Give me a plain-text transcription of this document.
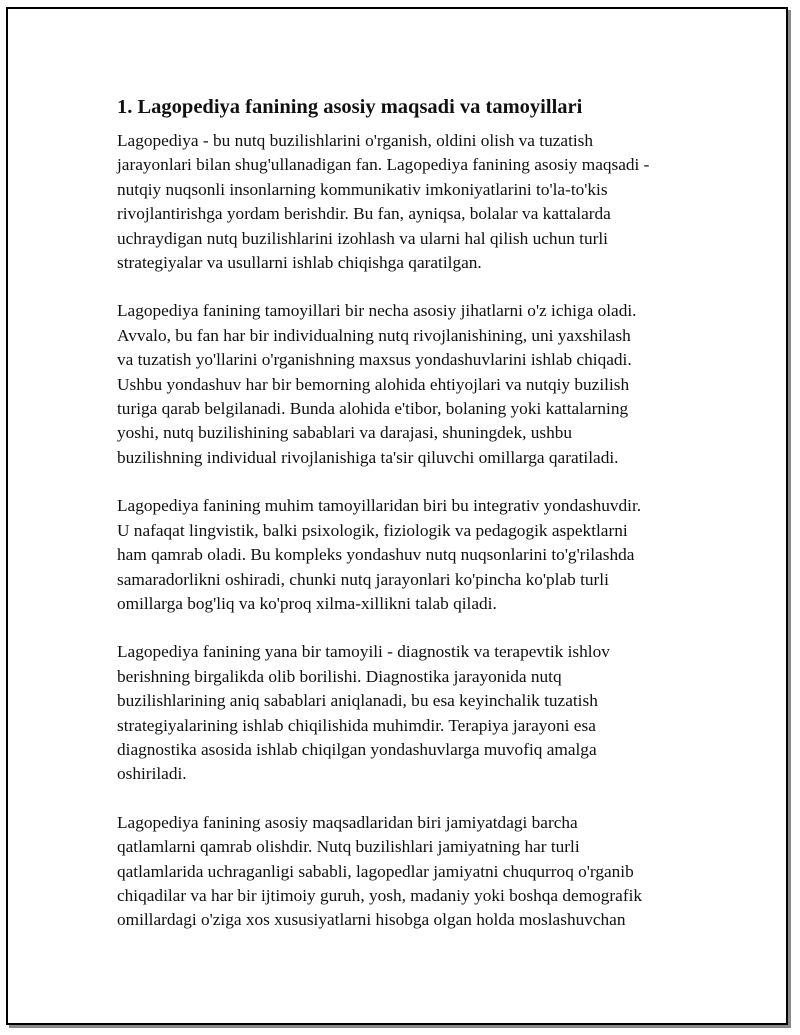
1. Lagopediya fanining asosiy maqsadi va tamoyillari

Lagopediya - bu nutq buzilishlarini o'rganish, oldini olish va tuzatish
jarayonlari bilan shug'ullanadigan fan. Lagopediya fanining asosiy maqsadi -
nutqiy nuqsonli insonlarning kommunikativ imkoniyatlarini to'la-to'kis
rivojlantirishga yordam berishdir. Bu fan, ayniqsa, bolalar va kattalarda
uchraydigan nutq buzilishlarini izohlash va ularni hal qilish uchun turli
strategiyalar va usullarni ishlab chiqishga qaratilgan.

Lagopediya fanining tamoyillari bir necha asosiy jihatlarni o'z ichiga oladi.
Avvalo, bu fan har bir individualning nutq rivojlanishining, uni yaxshilash
va tuzatish yo'llarini o'rganishning maxsus yondashuvlarini ishlab chiqadi.
Ushbu yondashuv har bir bemorning alohida ehtiyojlari va nutqiy buzilish
turiga qarab belgilanadi. Bunda alohida e'tibor, bolaning yoki kattalarning
yoshi, nutq buzilishining sabablari va darajasi, shuningdek, ushbu
buzilishning individual rivojlanishiga ta'sir qiluvchi omillarga qaratiladi.

Lagopediya fanining muhim tamoyillaridan biri bu integrativ yondashuvdir.
U nafaqat lingvistik, balki psixologik, fiziologik va pedagogik aspektlarni
ham qamrab oladi. Bu kompleks yondashuv nutq nuqsonlarini to'g'rilashda
samaradorlikni oshiradi, chunki nutq jarayonlari ko'pincha ko'plab turli
omillarga bog'liq va ko'proq xilma-xillikni talab qiladi.

Lagopediya fanining yana bir tamoyili - diagnostik va terapevtik ishlov
berishning birgalikda olib borilishi. Diagnostika jarayonida nutq
buzilishlarining aniq sabablari aniqlanadi, bu esa keyinchalik tuzatish
strategiyalarining ishlab chiqilishida muhimdir. Terapiya jarayoni esa
diagnostika asosida ishlab chiqilgan yondashuvlarga muvofiq amalga
oshiriladi.

Lagopediya fanining asosiy maqsadlaridan biri jamiyatdagi barcha
qatlamlarni qamrab olishdir. Nutq buzilishlari jamiyatning har turli
qatlamlarida uchraganligi sababli, lagopedlar jamiyatni chuqurroq o'rganib
chiqadilar va har bir ijtimoiy guruh, yosh, madaniy yoki boshqa demografik
omillardagi o'ziga xos xususiyatlarni hisobga olgan holda moslashuvchan
